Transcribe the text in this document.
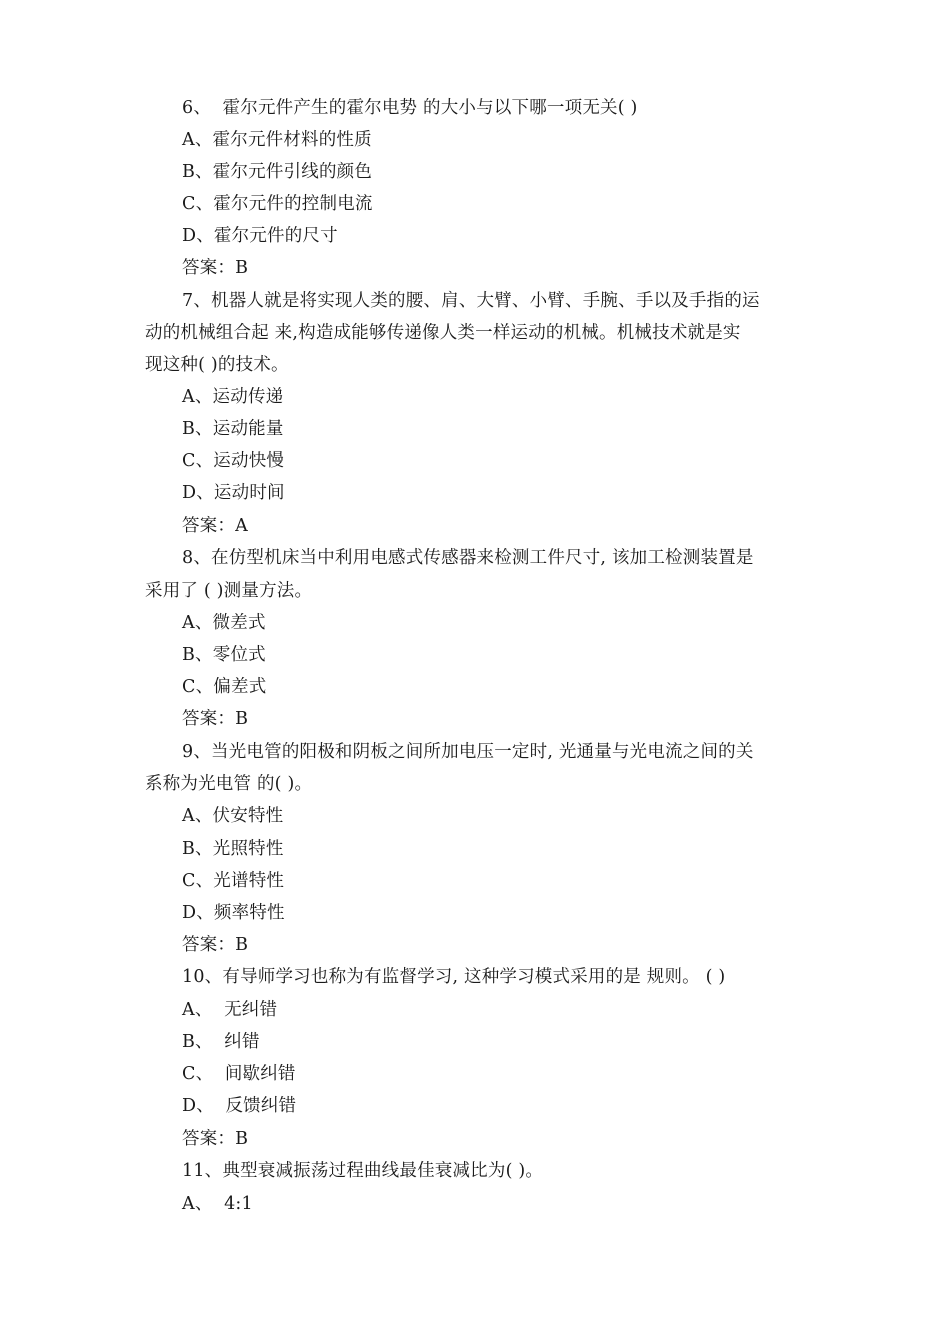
6、  霍尔元件产生的霍尔电势 的大小与以下哪一项无关( )
A、霍尔元件材料的性质
B、霍尔元件引线的颜色
C、霍尔元件的控制电流
D、霍尔元件的尺寸
答案：B
7、机器人就是将实现人类的腰、肩、大臂、小臂、手腕、手以及手指的运
动的机械组合起 来,构造成能够传递像人类一样运动的机械。机械技术就是实
现这种( )的技术。
A、运动传递
B、运动能量
C、运动快慢
D、运动时间
答案：A
8、在仿型机床当中利用电感式传感器来检测工件尺寸, 该加工检测装置是
采用了 ( )测量方法。
A、微差式
B、零位式
C、偏差式
答案：B
9、当光电管的阳极和阴板之间所加电压一定时, 光通量与光电流之间的关
系称为光电管 的( )。
A、伏安特性
B、光照特性
C、光谱特性
D、频率特性
答案：B
10、有导师学习也称为有监督学习, 这种学习模式采用的是 规则。 ( )
A、  无纠错
B、  纠错
C、  间歇纠错
D、  反馈纠错
答案：B
11、典型衰减振荡过程曲线最佳衰减比为( )。
A、  4:1
